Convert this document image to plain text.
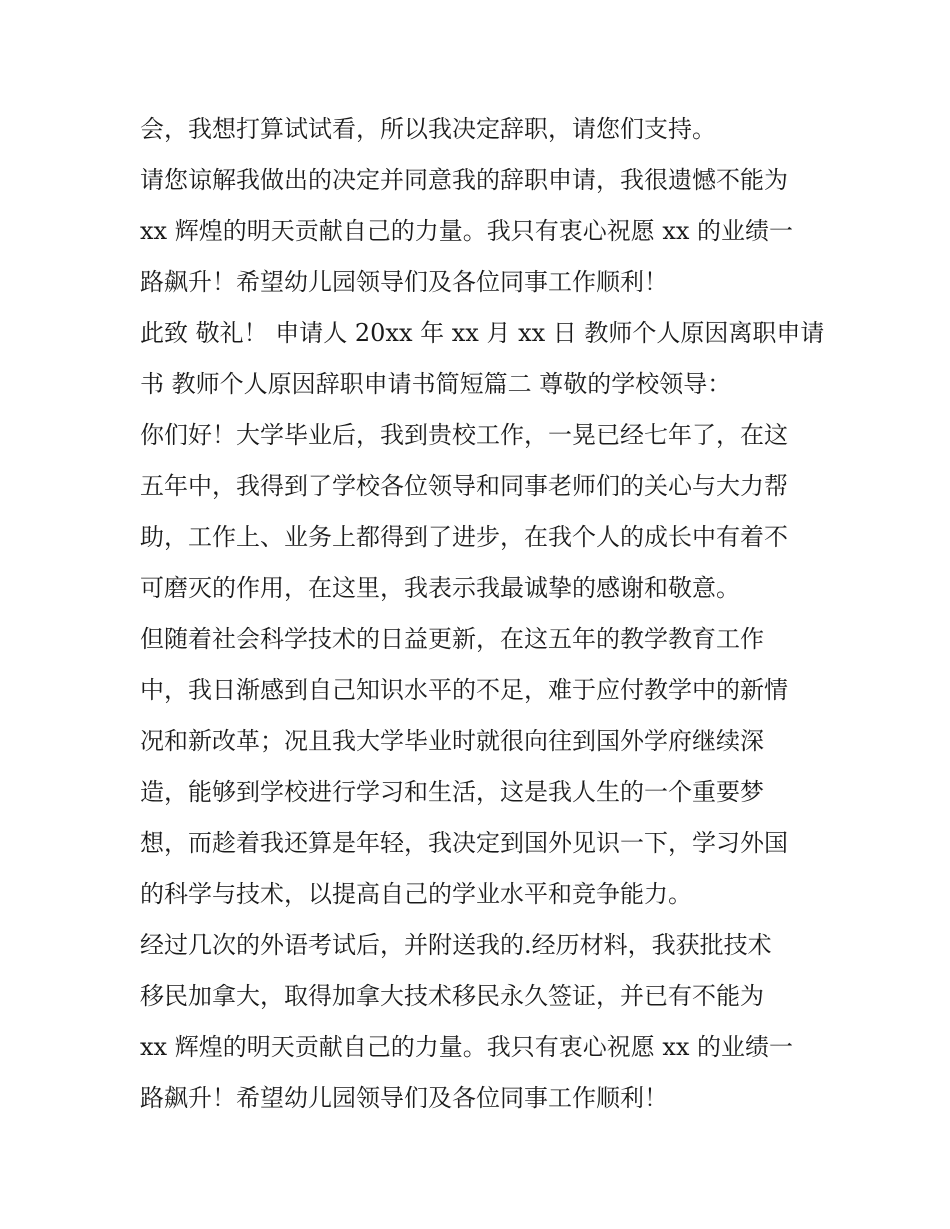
会，我想打算试试看，所以我决定辞职，请您们支持。
请您谅解我做出的决定并同意我的辞职申请，我很遗憾不能为
xx 辉煌的明天贡献自己的力量。我只有衷心祝愿 xx 的业绩一
路飙升！希望幼儿园领导们及各位同事工作顺利！
此致 敬礼！ 申请人 20xx 年 xx 月 xx 日 教师个人原因离职申请
书 教师个人原因辞职申请书简短篇二 尊敬的学校领导：
你们好！大学毕业后，我到贵校工作，一晃已经七年了，在这
五年中，我得到了学校各位领导和同事老师们的关心与大力帮
助，工作上、业务上都得到了进步，在我个人的成长中有着不
可磨灭的作用，在这里，我表示我最诚挚的感谢和敬意。
但随着社会科学技术的日益更新，在这五年的教学教育工作
中，我日渐感到自己知识水平的不足，难于应付教学中的新情
况和新改革；况且我大学毕业时就很向往到国外学府继续深
造，能够到学校进行学习和生活，这是我人生的一个重要梦
想，而趁着我还算是年轻，我决定到国外见识一下，学习外国
的科学与技术，以提高自己的学业水平和竞争能力。
经过几次的外语考试后，并附送我的.经历材料，我获批技术
移民加拿大，取得加拿大技术移民永久签证，并已有不能为
xx 辉煌的明天贡献自己的力量。我只有衷心祝愿 xx 的业绩一
路飙升！希望幼儿园领导们及各位同事工作顺利！
